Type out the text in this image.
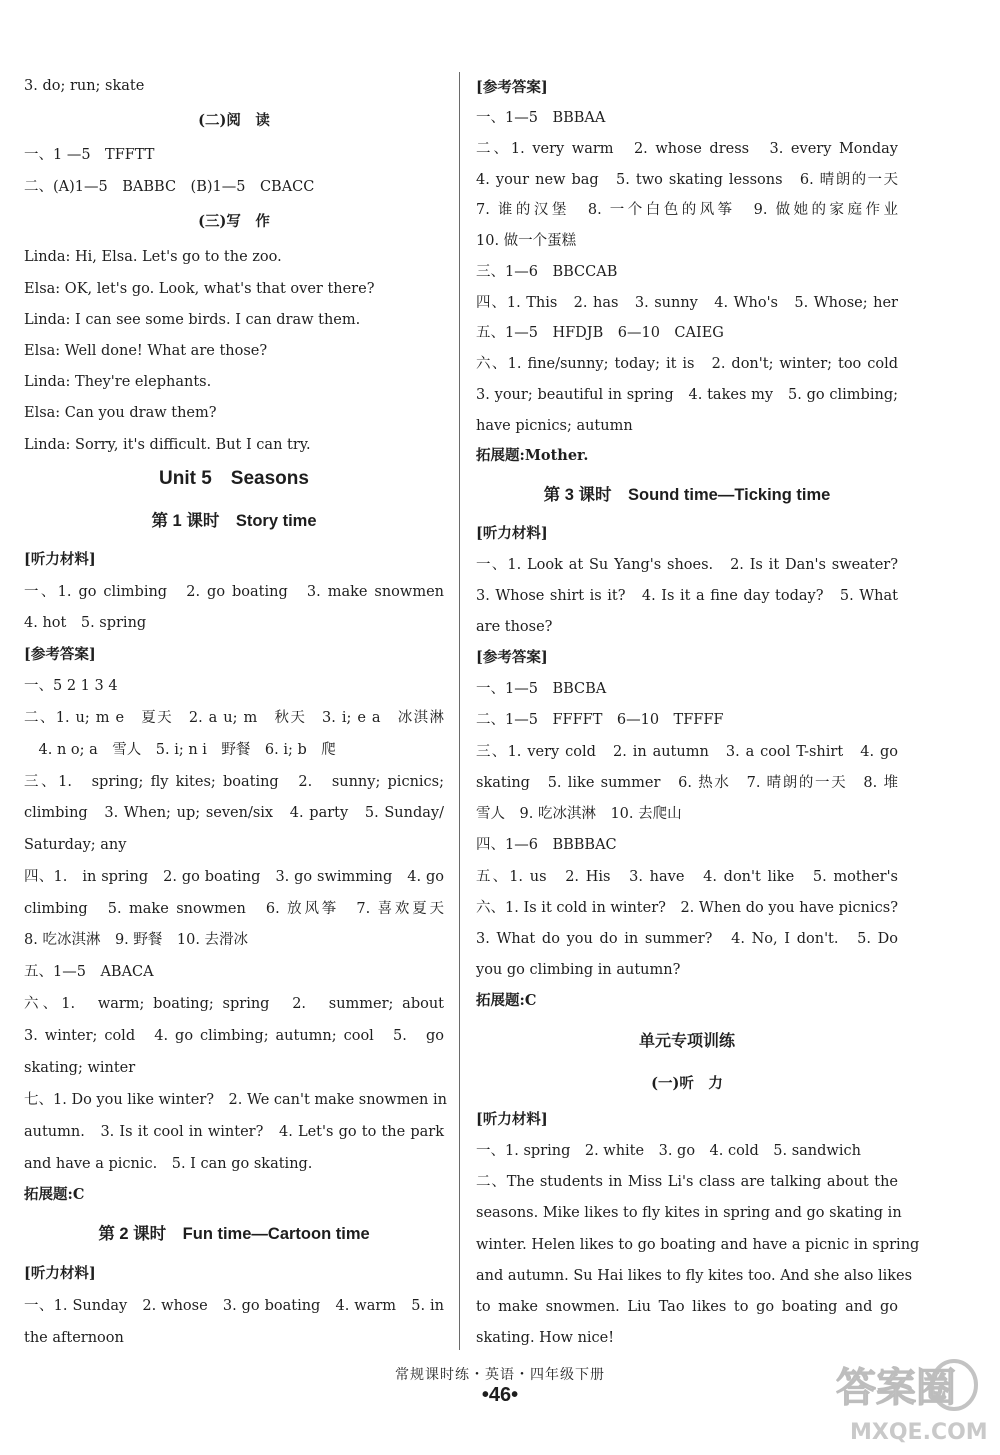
3. do; run; skate
(二)阅　读
一、1 —5　TFFTT
二、(A)1—5　BABBC　(B)1—5　CBACC
(三)写　作
Linda: Hi, Elsa. Let's go to the zoo.
Elsa: OK, let's go. Look, what's that over there?
Linda: I can see some birds. I can draw them.
Elsa: Well done! What are those?
Linda: They're elephants.
Elsa: Can you draw them?
Linda: Sorry, it's difficult. But I can try.
Unit 5　Seasons
第 1 课时　Story time
[听力材料]
一、1. go climbing　2. go boating　3. make snowmen
4. hot　5. spring
[参考答案]
一、5 2 1 3 4
二、1. u; m e　夏天　2. a u; m　秋天　3. i; e a　冰淇淋
　4. n o; a　雪人　5. i; n i　野餐　6. i; b　爬
三、1.　spring; fly kites; boating　2.　sunny; picnics;
climbing　3. When; up; seven/six　4. party　5. Sunday/
Saturday; any
四、1.　in spring　2. go boating　3. go swimming　4. go
climbing　5. make snowmen　6. 放风筝　7. 喜欢夏天
8. 吃冰淇淋　9. 野餐　10. 去滑冰
五、1—5　ABACA
六、1.　warm; boating; spring　2.　summer; about
3. winter; cold　4. go climbing; autumn; cool　5.　go
skating; winter
七、1. Do you like winter?　2. We can't make snowmen in
autumn.　3. Is it cool in winter?　4. Let's go to the park
and have a picnic.　5. I can go skating.
拓展题:C
第 2 课时　Fun time—Cartoon time
[听力材料]
一、1. Sunday　2. whose　3. go boating　4. warm　5. in
the afternoon
[参考答案]
一、1—5　BBBAA
二、1. very warm　2. whose dress　3. every Monday
4. your new bag　5. two skating lessons　6. 晴朗的一天
7. 谁的汉堡　8. 一个白色的风筝　9. 做她的家庭作业
10. 做一个蛋糕
三、1—6　BBCCAB
四、1. This　2. has　3. sunny　4. Who's　5. Whose; her
五、1—5　HFDJB　6—10　CAIEG
六、1. fine/sunny; today; it is　2. don't; winter; too cold
3. your; beautiful in spring　4. takes my　5. go climbing;
have picnics; autumn
拓展题:Mother.
第 3 课时　Sound time—Ticking time
[听力材料]
一、1. Look at Su Yang's shoes.　2. Is it Dan's sweater?
3. Whose shirt is it?　4. Is it a fine day today?　5. What
are those?
[参考答案]
一、1—5　BBCBA
二、1—5　FFFFT　6—10　TFFFF
三、1. very cold　2. in autumn　3. a cool T-shirt　4. go
skating　5. like summer　6. 热水　7. 晴朗的一天　8. 堆
雪人　9. 吃冰淇淋　10. 去爬山
四、1—6　BBBBAC
五、1. us　2. His　3. have　4. don't like　5. mother's
六、1. Is it cold in winter?　2. When do you have picnics?
3. What do you do in summer?　4. No, I don't.　5. Do
you go climbing in autumn?
拓展题:C
单元专项训练
(一)听　力
[听力材料]
一、1. spring　2. white　3. go　4. cold　5. sandwich
二、The students in Miss Li's class are talking about the
seasons. Mike likes to fly kites in spring and go skating in
winter. Helen likes to go boating and have a picnic in spring
and autumn. Su Hai likes to fly kites too. And she also likes
to make snowmen. Liu Tao likes to go boating and go
skating. How nice!
常规课时练・英语・四年级下册
•46•	答案圈
MXQE.COM
